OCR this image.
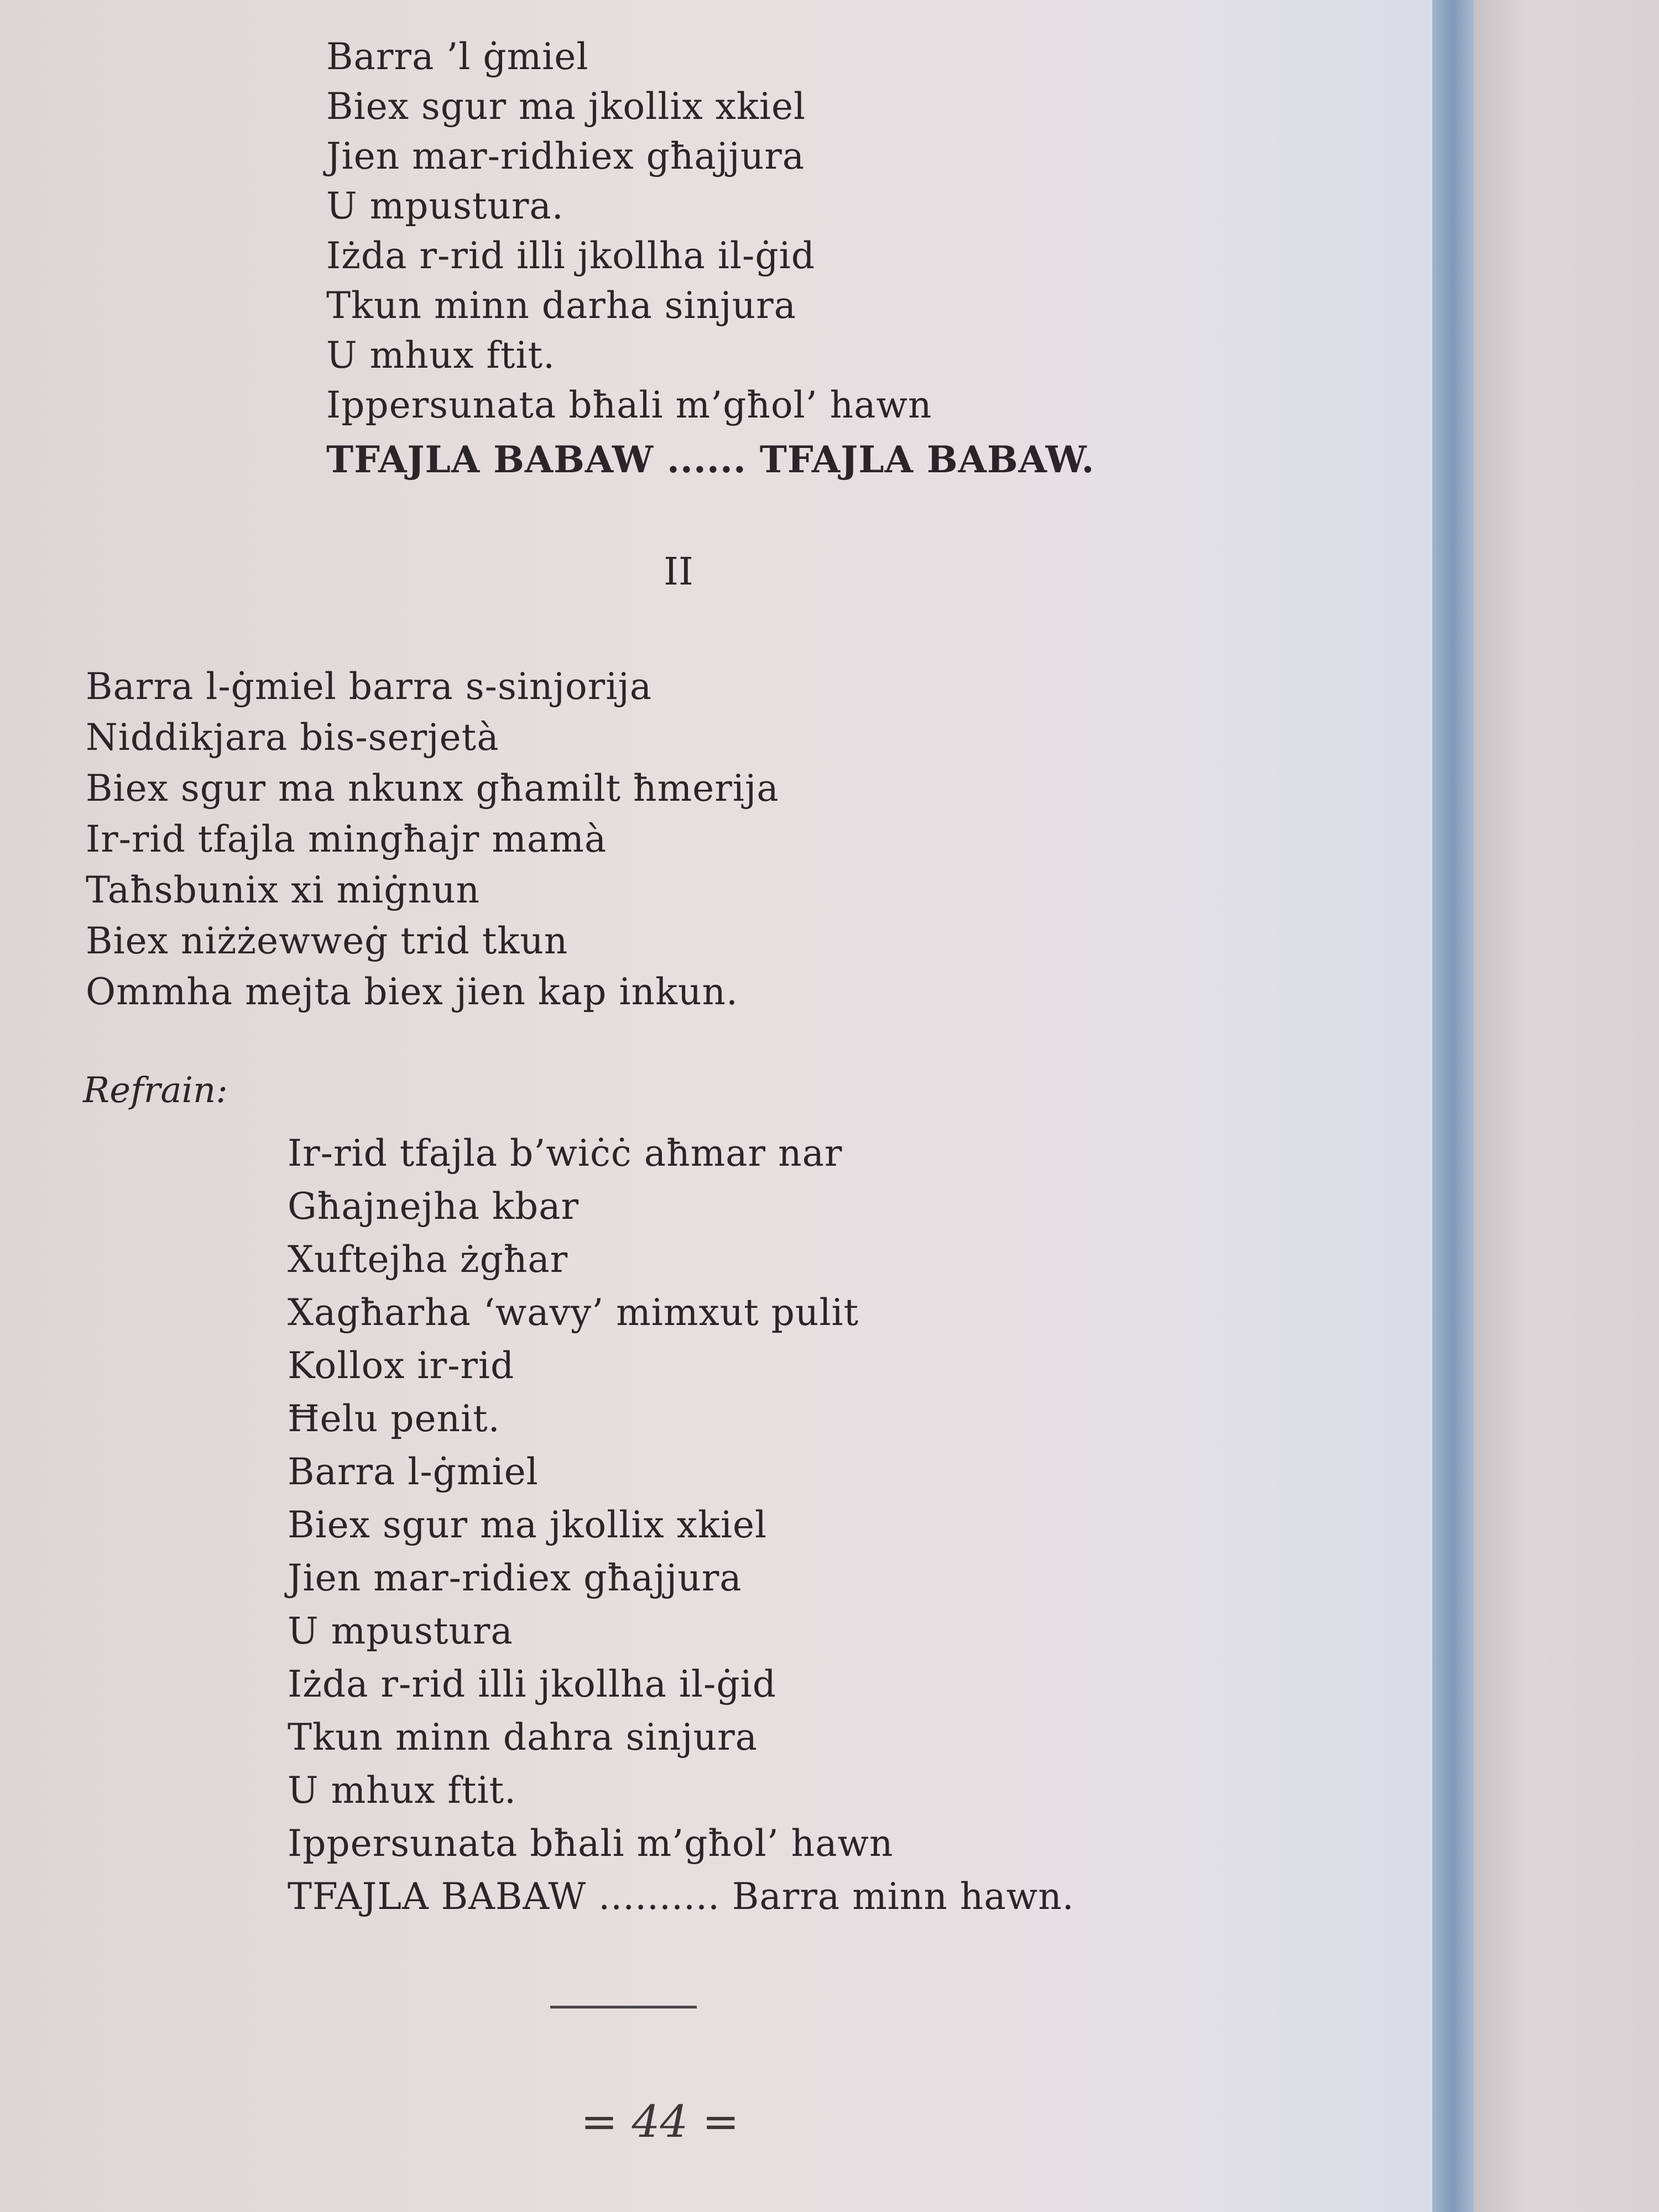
Barra ’l ġmiel
Biex sgur ma jkollix xkiel
Jien mar-ridhiex għajjura
U mpustura.
Iżda r-rid illi jkollha il-ġid
Tkun minn darha sinjura
U mhux ftit.
Ippersunata bħali m’għol’ hawn
TFAJLA BABAW ...... TFAJLA BABAW.
II
Barra l-ġmiel barra s-sinjorija
Niddikjara bis-serjetà
Biex sgur ma nkunx għamilt ħmerija
Ir-rid tfajla mingħajr mamà
Taħsbunix xi miġnun
Biex niżżewweġ trid tkun
Ommha mejta biex jien kap inkun.
Refrain:
Ir-rid tfajla b’wiċċ aħmar nar
Għajnejha kbar
Xuftejha żgħar
Xagħarha ‘wavy’ mimxut pulit
Kollox ir-rid
Ħelu penit.
Barra l-ġmiel
Biex sgur ma jkollix xkiel
Jien mar-ridiex għajjura
U mpustura
Iżda r-rid illi jkollha il-ġid
Tkun minn dahra sinjura
U mhux ftit.
Ippersunata bħali m’għol’ hawn
TFAJLA BABAW .......... Barra minn hawn.
= 44 =
